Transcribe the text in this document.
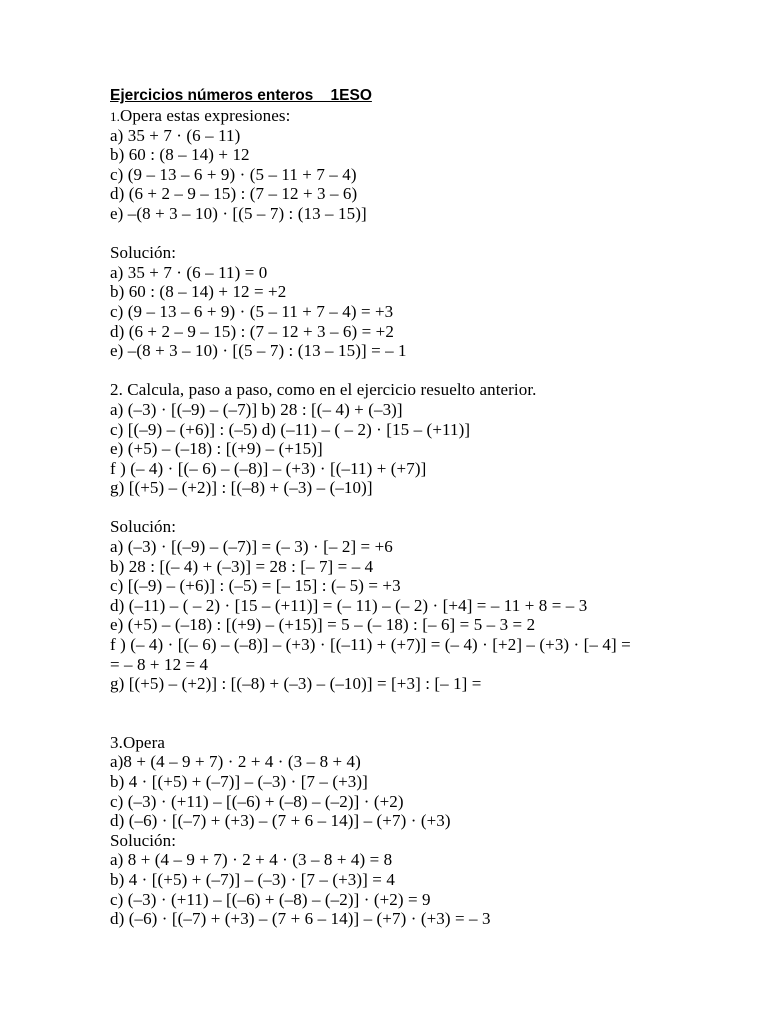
Ejercicios números enteros    1ESO

1.Opera estas expresiones:

a) 35 + 7 · (6 – 11)

b) 60 : (8 – 14) + 12

c) (9 – 13 – 6 + 9) · (5 – 11 + 7 – 4)

d) (6 + 2 – 9 – 15) : (7 – 12 + 3 – 6)

e) –(8 + 3 – 10) · [(5 – 7) : (13 – 15)]

Solución:

a) 35 + 7 · (6 – 11) = 0

b) 60 : (8 – 14) + 12 = +2

c) (9 – 13 – 6 + 9) · (5 – 11 + 7 – 4) = +3

d) (6 + 2 – 9 – 15) : (7 – 12 + 3 – 6) = +2

e) –(8 + 3 – 10) · [(5 – 7) : (13 – 15)] = – 1

2. Calcula, paso a paso, como en el ejercicio resuelto anterior.

a) (–3) · [(–9) – (–7)] b) 28 : [(– 4) + (–3)]

c) [(–9) – (+6)] : (–5) d) (–11) – ( – 2) · [15 – (+11)]

e) (+5) – (–18) : [(+9) – (+15)]

f ) (– 4) · [(– 6) – (–8)] – (+3) · [(–11) + (+7)]

g) [(+5) – (+2)] : [(–8) + (–3) – (–10)]

Solución:

a) (–3) · [(–9) – (–7)] = (– 3) · [– 2] = +6

b) 28 : [(– 4) + (–3)] = 28 : [– 7] = – 4

c) [(–9) – (+6)] : (–5) = [– 15] : (– 5) = +3

d) (–11) – ( – 2) · [15 – (+11)] = (– 11) – (– 2) · [+4] = – 11 + 8 = – 3

e) (+5) – (–18) : [(+9) – (+15)] = 5 – (– 18) : [– 6] = 5 – 3 = 2

f ) (– 4) · [(– 6) – (–8)] – (+3) · [(–11) + (+7)] = (– 4) · [+2] – (+3) · [– 4] =

= – 8 + 12 = 4

g) [(+5) – (+2)] : [(–8) + (–3) – (–10)] = [+3] : [– 1] =

3.Opera

a)8 + (4 – 9 + 7) · 2 + 4 · (3 – 8 + 4)

b) 4 · [(+5) + (–7)] – (–3) · [7 – (+3)]

c) (–3) · (+11) – [(–6) + (–8) – (–2)] · (+2)

d) (–6) · [(–7) + (+3) – (7 + 6 – 14)] – (+7) · (+3)

Solución:

a) 8 + (4 – 9 + 7) · 2 + 4 · (3 – 8 + 4) = 8

b) 4 · [(+5) + (–7)] – (–3) · [7 – (+3)] = 4

c) (–3) · (+11) – [(–6) + (–8) – (–2)] · (+2) = 9

d) (–6) · [(–7) + (+3) – (7 + 6 – 14)] – (+7) · (+3) = – 3
